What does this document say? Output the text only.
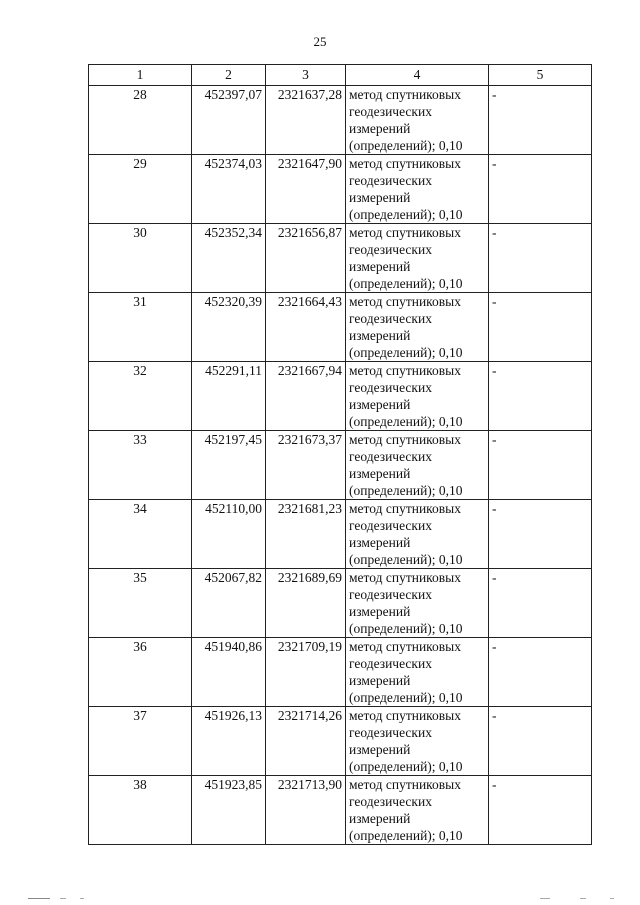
25
1	2	3	4	5
28	452397,07	2321637,28	метод спутниковых геодезических измерений (определений); 0,10	-
29	452374,03	2321647,90	метод спутниковых геодезических измерений (определений); 0,10	-
30	452352,34	2321656,87	метод спутниковых геодезических измерений (определений); 0,10	-
31	452320,39	2321664,43	метод спутниковых геодезических измерений (определений); 0,10	-
32	452291,11	2321667,94	метод спутниковых геодезических измерений (определений); 0,10	-
33	452197,45	2321673,37	метод спутниковых геодезических измерений (определений); 0,10	-
34	452110,00	2321681,23	метод спутниковых геодезических измерений (определений); 0,10	-
35	452067,82	2321689,69	метод спутниковых геодезических измерений (определений); 0,10	-
36	451940,86	2321709,19	метод спутниковых геодезических измерений (определений); 0,10	-
37	451926,13	2321714,26	метод спутниковых геодезических измерений (определений); 0,10	-
38	451923,85	2321713,90	метод спутниковых геодезических измерений (определений); 0,10	-
